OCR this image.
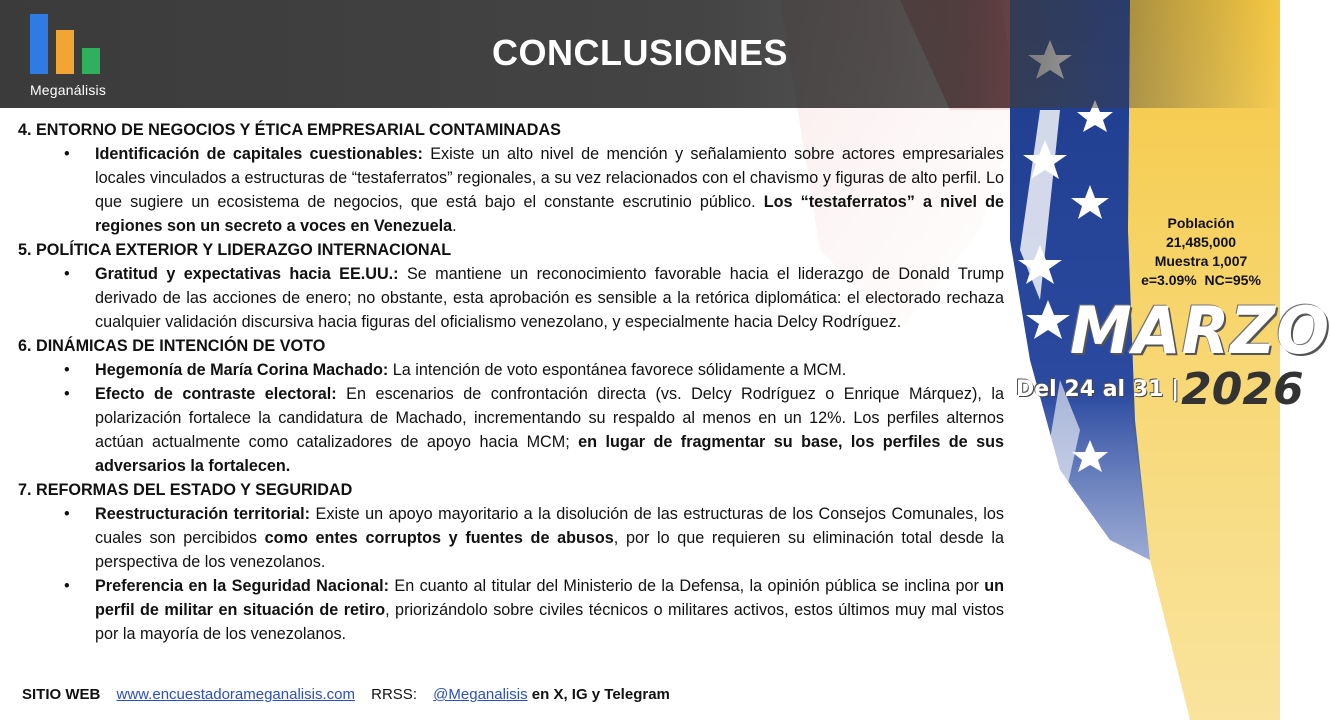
Meganálisis
CONCLUSIONES

4. ENTORNO DE NEGOCIOS Y ÉTICA EMPRESARIAL CONTAMINADAS

• Identificación de capitales cuestionables: Existe un alto nivel de mención y señalamiento sobre actores empresariales locales vinculados a estructuras de “testaferratos” regionales, a su vez relacionados con el chavismo y figuras de alto perfil. Lo que sugiere un ecosistema de negocios, que está bajo el constante escrutinio público. Los “testaferratos” a nivel de regiones son un secreto a voces en Venezuela.

5. POLÍTICA EXTERIOR Y LIDERAZGO INTERNACIONAL

• Gratitud y expectativas hacia EE.UU.: Se mantiene un reconocimiento favorable hacia el liderazgo de Donald Trump derivado de las acciones de enero; no obstante, esta aprobación es sensible a la retórica diplomática: el electorado rechaza cualquier validación discursiva hacia figuras del oficialismo venezolano, y especialmente hacia Delcy Rodríguez.

6. DINÁMICAS DE INTENCIÓN DE VOTO

• Hegemonía de María Corina Machado: La intención de voto espontánea favorece sólidamente a MCM.
• Efecto de contraste electoral: En escenarios de confrontación directa (vs. Delcy Rodríguez o Enrique Márquez), la polarización fortalece la candidatura de Machado, incrementando su respaldo al menos en un 12%. Los perfiles alternos actúan actualmente como catalizadores de apoyo hacia MCM; en lugar de fragmentar su base, los perfiles de sus adversarios la fortalecen.

7. REFORMAS DEL ESTADO Y SEGURIDAD

• Reestructuración territorial: Existe un apoyo mayoritario a la disolución de las estructuras de los Consejos Comunales, los cuales son percibidos como entes corruptos y fuentes de abusos, por lo que requieren su eliminación total desde la perspectiva de los venezolanos.
• Preferencia en la Seguridad Nacional: En cuanto al titular del Ministerio de la Defensa, la opinión pública se inclina por un perfil de militar en situación de retiro, priorizándolo sobre civiles técnicos o militares activos, estos últimos muy mal vistos por la mayoría de los venezolanos.
Población
21,485,000
Muestra 1,007
e=3.09%  NC=95%
MARZO
Del 24 al 31 |2026
SITIO WEB www.encuestadorameganalisis.com RRSS: @Meganalisis en X, IG y Telegram
